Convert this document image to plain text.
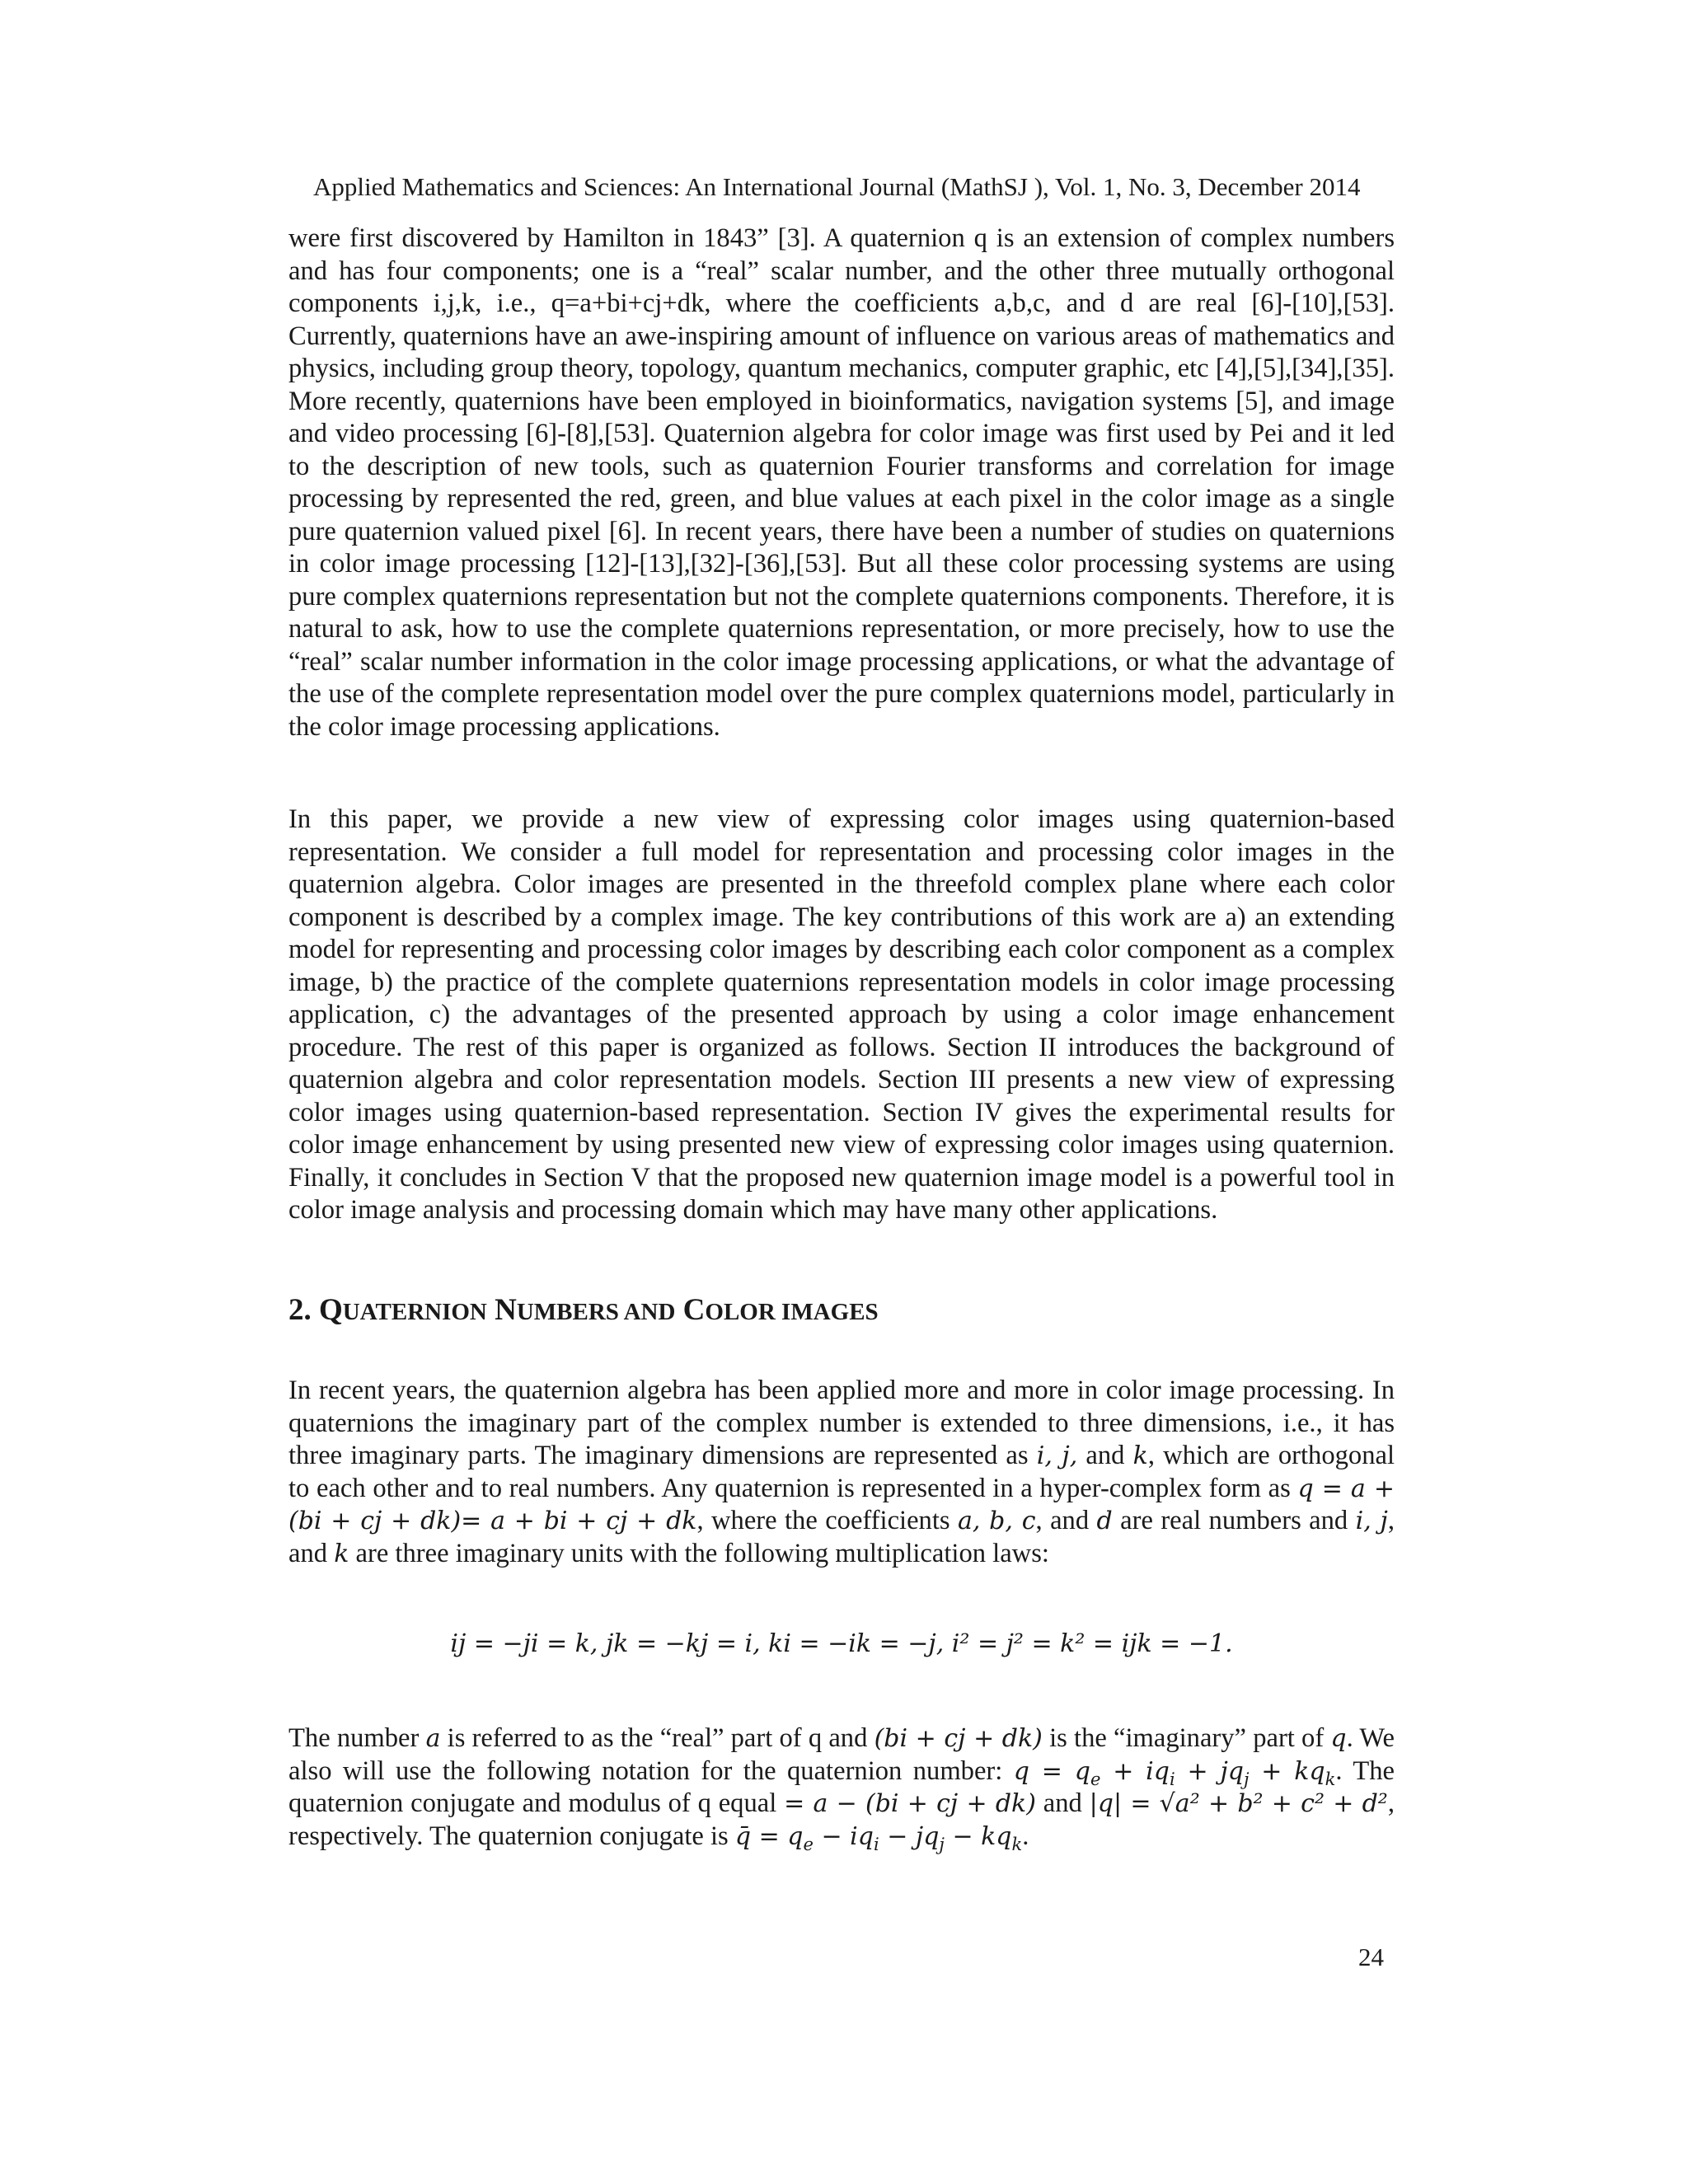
Applied Mathematics and Sciences: An International Journal (MathSJ ), Vol. 1, No. 3, December 2014
were first discovered by Hamilton in 1843” [3]. A quaternion q is an extension of complex numbers and has four components; one is a “real” scalar number, and the other three mutually orthogonal components i,j,k, i.e., q=a+bi+cj+dk, where the coefficients a,b,c, and d are real [6]-[10],[53]. Currently, quaternions have an awe-inspiring amount of influence on various areas of mathematics and physics, including group theory, topology, quantum mechanics, computer graphic, etc [4],[5],[34],[35]. More recently, quaternions have been employed in bioinformatics, navigation systems [5], and image and video processing [6]-[8],[53]. Quaternion algebra for color image was first used by Pei and it led to the description of new tools, such as quaternion Fourier transforms and correlation for image processing by represented the red, green, and blue values at each pixel in the color image as a single pure quaternion valued pixel [6]. In recent years, there have been a number of studies on quaternions in color image processing [12]-[13],[32]-[36],[53]. But all these color processing systems are using pure complex quaternions representation but not the complete quaternions components. Therefore, it is natural to ask, how to use the complete quaternions representation, or more precisely, how to use the “real” scalar number information in the color image processing applications, or what the advantage of the use of the complete representation model over the pure complex quaternions model, particularly in the color image processing applications.
In this paper, we provide a new view of expressing color images using quaternion-based representation. We consider a full model for representation and processing color images in the quaternion algebra. Color images are presented in the threefold complex plane where each color component is described by a complex image. The key contributions of this work are a) an extending model for representing and processing color images by describing each color component as a complex image, b) the practice of the complete quaternions representation models in color image processing application, c) the advantages of the presented approach by using a color image enhancement procedure. The rest of this paper is organized as follows. Section II introduces the background of quaternion algebra and color representation models. Section III presents a new view of expressing color images using quaternion-based representation. Section IV gives the experimental results for color image enhancement by using presented new view of expressing color images using quaternion. Finally, it concludes in Section V that the proposed new quaternion image model is a powerful tool in color image analysis and processing domain which may have many other applications.
2. QUATERNION NUMBERS AND COLOR IMAGES
In recent years, the quaternion algebra has been applied more and more in color image processing. In quaternions the imaginary part of the complex number is extended to three dimensions, i.e., it has three imaginary parts. The imaginary dimensions are represented as i, j, and k, which are orthogonal to each other and to real numbers. Any quaternion is represented in a hyper-complex form as q = a + (bi + cj + dk)= a + bi + cj + dk, where the coefficients a, b, c, and d are real numbers and i, j, and k are three imaginary units with the following multiplication laws:
ij = −ji = k, jk = −kj = i, ki = −ik = −j, i² = j² = k² = ijk = −1.
The number a is referred to as the “real” part of q and (bi + cj + dk) is the “imaginary” part of q. We also will use the following notation for the quaternion number: $q = q_e + iq_i + jq_j + kq_k$. The quaternion conjugate and modulus of q equal = a − (bi + cj + dk) and |q| = √a² + b² + c² + d², respectively. The quaternion conjugate is q̄ = $q_e - iq_i - jq_j - kq_k$.
24
